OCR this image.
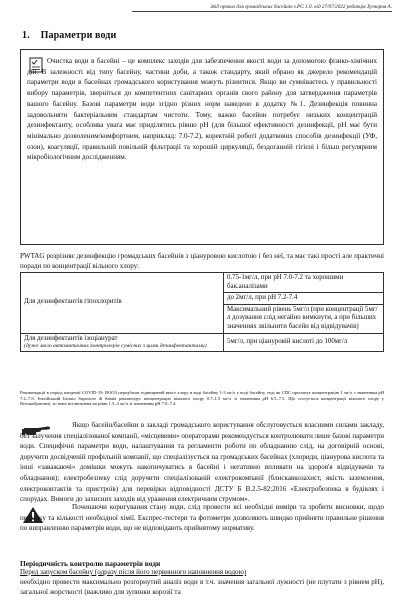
Звід правил для громадських басейнів v.PG 1.0. від 27/07/2022 редакція Хуторня А.
1. Параметри води

Очистка води в басейні – це комплекс заходів для забезпечення якості води за допомогою фізико-хімічних дій. В залежності від типу басейну, частини доби, а також стандарту, який обрано як джерело рекомендацій параметри води в басейнах громадського користування можуть різнитися. Якщо ви сумніваєтесь у правильності вибору параметрів, зверніться до компетентних санітарних органів свого району для затвердження параметрів вашого басейну. Базові параметри води згідно різних норм наведено в додатку №1. Дезинфекція повинна задовольняти бактеріальним стандартам чистоти. Тому, важко басейни потребує низьких концентрацій дезинфектанту, особлива увага має приділятись рівню рН (для більшої ефективності дезинфекції, рН має бути мінімально дозволеним/комфортним, наприклад: 7.0-7.2), коректній роботі додаткових способів дезинфекції (УФ, озон), коагуляції, правильній повільній фільтрації та хорошій циркуляції, бездоганній гігієні і більш регулярним мікробіологічним дослідженням.

PWTAG розрізняє дезинфекцію громадських басейнів з ціануровою кислотою і без неї, та має такі прості але практичні поради по концентрації вільного хлору:
Для дезинфектантів гіпохлоритів	0.75-1мг/л, при рН 7.0-7.2 та хорошими бак.аналізами
	до 2мг/л, при рН 7.2-7.4
	Максимальний рівень 5мг/л (при концентрації 5мг/л дозування слід негайно вимкнути, а при більших значеннях звільнити басейн від відвідувачів)

Для дезинфектантів ізоціанурат
(дуже мало автоматичних контролерів сумісних з цими дезинфектантами)	5мг/л, при ціануровій кислоті до 100мг/л
Рекомендації в період пандемії COVID-19: ВООЗ передбачає підвищений вміст хлору в воді басейну 1-3 мг/л у воді басейну, тоді як CDC пропонує концентрацію 1 мг/л з значенням рН 7.2–7.8. Італійський Istituto Superiore di Sanità рекомендує концентрацію вільного хлору 0.7–1.5 мг/л зі значенням рН 6.5–7.5. Що стосується концентрації вільного хлору у Великобританії, то вона встановлена на рівні 1.5–3 мг/л зі значенням рН 7.0–7.4.
Якщо басейн/басейни в закладі громадського користування обслуговується власними силами закладу, без залучення спеціалізованої компанії, «місцевими» операторами рекомендується контролювати лише базові параметри води. Специфічні параметри води, налаштування та регламенти роботи по обладнанню слід, на договірній основі, доручити досвідченій профільній компанії, що спеціалізується на громадських басейнах (хлориди, ціанурова кислота та інші «заважаючі» домішки можуть накопичуватись в басейні і негативно впливати на здоров'я відвідувачів та обладнання); електробезпеку слід доручити спеціалізованій електрокомпанії (блискавкозахист, якість заземлення, електроконтактів та пристроїв) для перевірки відповідності ДСТУ Б В.2.5-82:2016 «Електробезпека в будівлях і спорудах. Вимоги до захисних заходів від ураження електричним струмом».
Починаючи коригування стану води, слід провести всі необхідні виміри та зробити висновки, щодо переліку та кількості необхідної хімії. Експрес-тестери та фотометри дозволяють швидко прийняти правильне рішення по виправленню параметрів води, що не відповідають прийнятому нормативу.
Періодичність контролю параметрів води
Перед запуском басейну (одразу після його первинного наповнення водою)
необхідно провести максимально розгорнутий аналіз води в т.ч. значення загальної лужності (не плутати з рівнем рН), загальної жорсткості (важливо для зупинки корозії та
